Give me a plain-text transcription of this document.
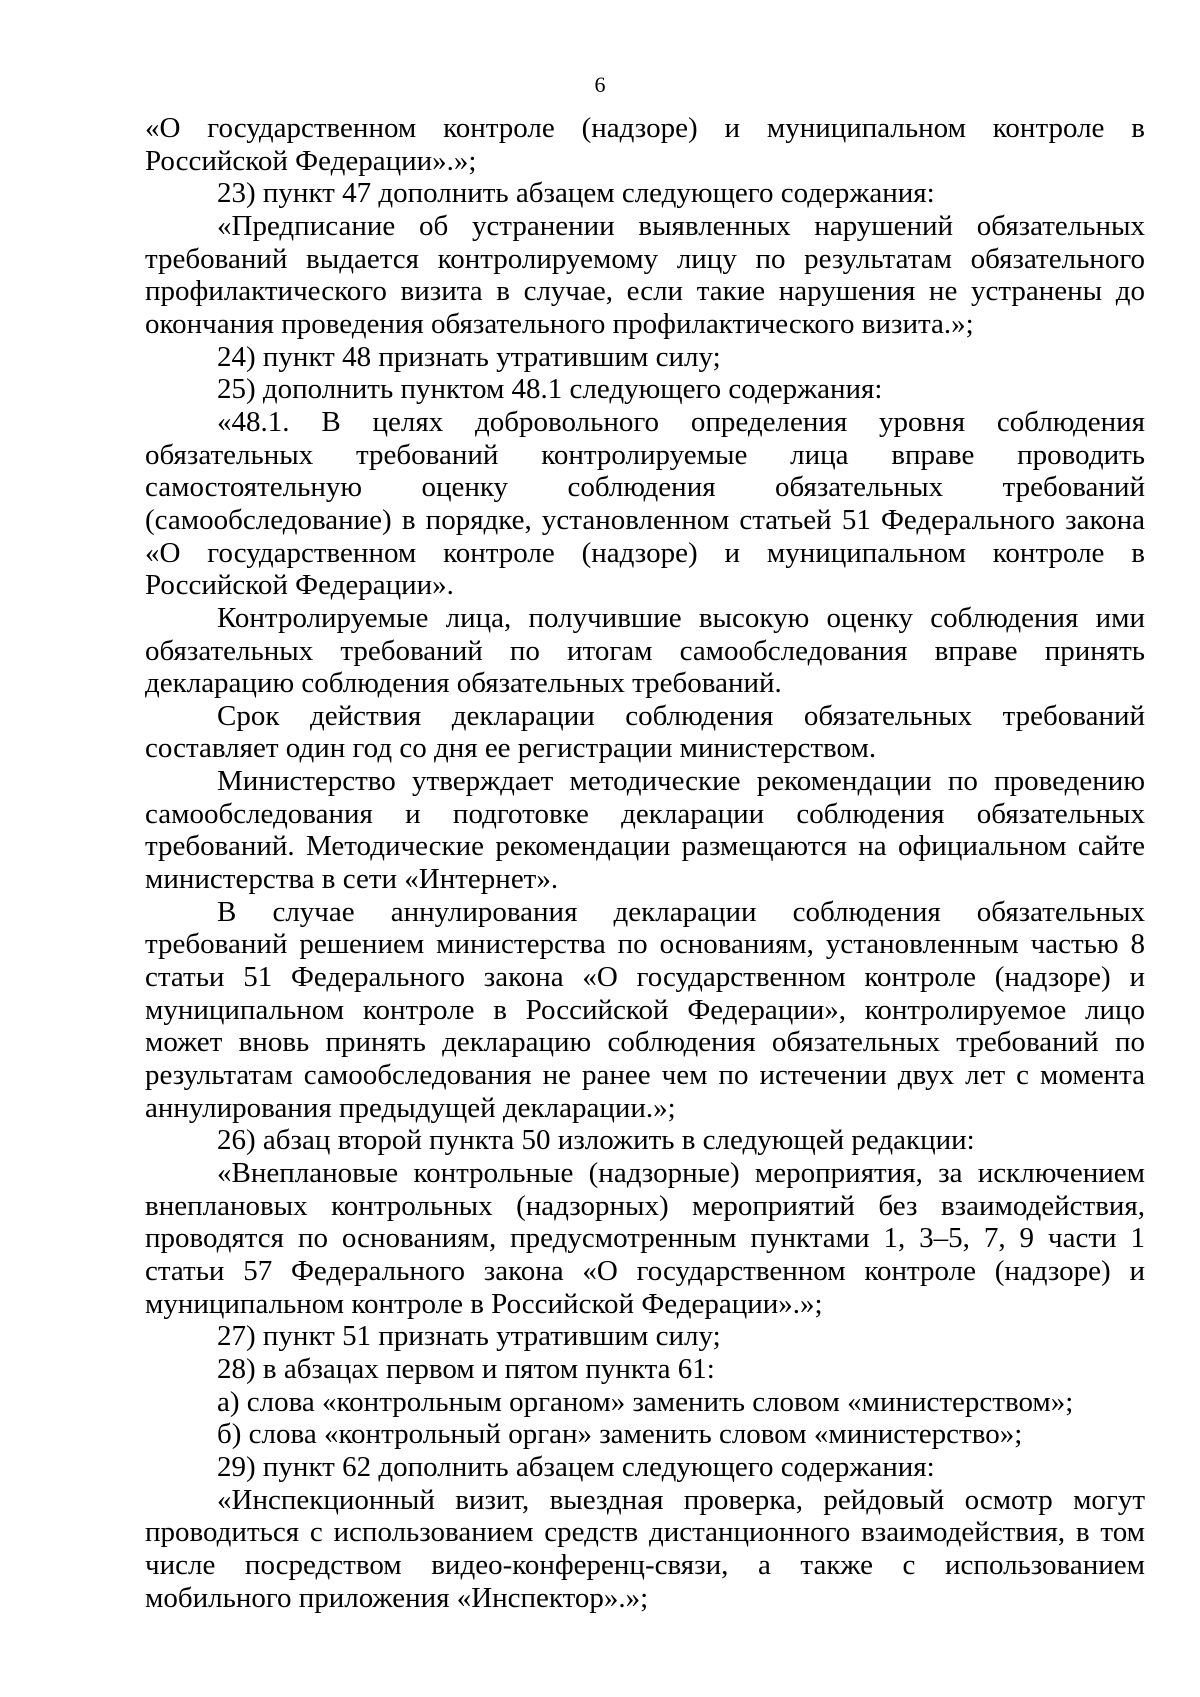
6

«О государственном контроле (надзоре) и муниципальном контроле в Российской Федерации».»;

23) пункт 47 дополнить абзацем следующего содержания:

«Предписание об устранении выявленных нарушений обязательных требований выдается контролируемому лицу по результатам обязательного профилактического визита в случае, если такие нарушения не устранены до окончания проведения обязательного профилактического визита.»;

24) пункт 48 признать утратившим силу;

25) дополнить пунктом 48.1 следующего содержания:

«48.1. В целях добровольного определения уровня соблюдения обязательных требований контролируемые лица вправе проводить самостоятельную оценку соблюдения обязательных требований (самообследование) в порядке, установленном статьей 51 Федерального закона «О государственном контроле (надзоре) и муниципальном контроле в Российской Федерации».

Контролируемые лица, получившие высокую оценку соблюдения ими обязательных требований по итогам самообследования вправе принять декларацию соблюдения обязательных требований.

Срок действия декларации соблюдения обязательных требований составляет один год со дня ее регистрации министерством.

Министерство утверждает методические рекомендации по проведению самообследования и подготовке декларации соблюдения обязательных требований. Методические рекомендации размещаются на официальном сайте министерства в сети «Интернет».

В случае аннулирования декларации соблюдения обязательных требований решением министерства по основаниям, установленным частью 8 статьи 51 Федерального закона «О государственном контроле (надзоре) и муниципальном контроле в Российской Федерации», контролируемое лицо может вновь принять декларацию соблюдения обязательных требований по результатам самообследования не ранее чем по истечении двух лет с момента аннулирования предыдущей декларации.»;

26) абзац второй пункта 50 изложить в следующей редакции:

«Внеплановые контрольные (надзорные) мероприятия, за исключением внеплановых контрольных (надзорных) мероприятий без взаимодействия, проводятся по основаниям, предусмотренным пунктами 1, 3–5, 7, 9 части 1 статьи 57 Федерального закона «О государственном контроле (надзоре) и муниципальном контроле в Российской Федерации».»;

27) пункт 51 признать утратившим силу;

28) в абзацах первом и пятом пункта 61:

а) слова «контрольным органом» заменить словом «министерством»;

б) слова «контрольный орган» заменить словом «министерство»;

29) пункт 62 дополнить абзацем следующего содержания:

«Инспекционный визит, выездная проверка, рейдовый осмотр могут проводиться с использованием средств дистанционного взаимодействия, в том числе посредством видео-конференц-связи, а также с использованием мобильного приложения «Инспектор».»;
